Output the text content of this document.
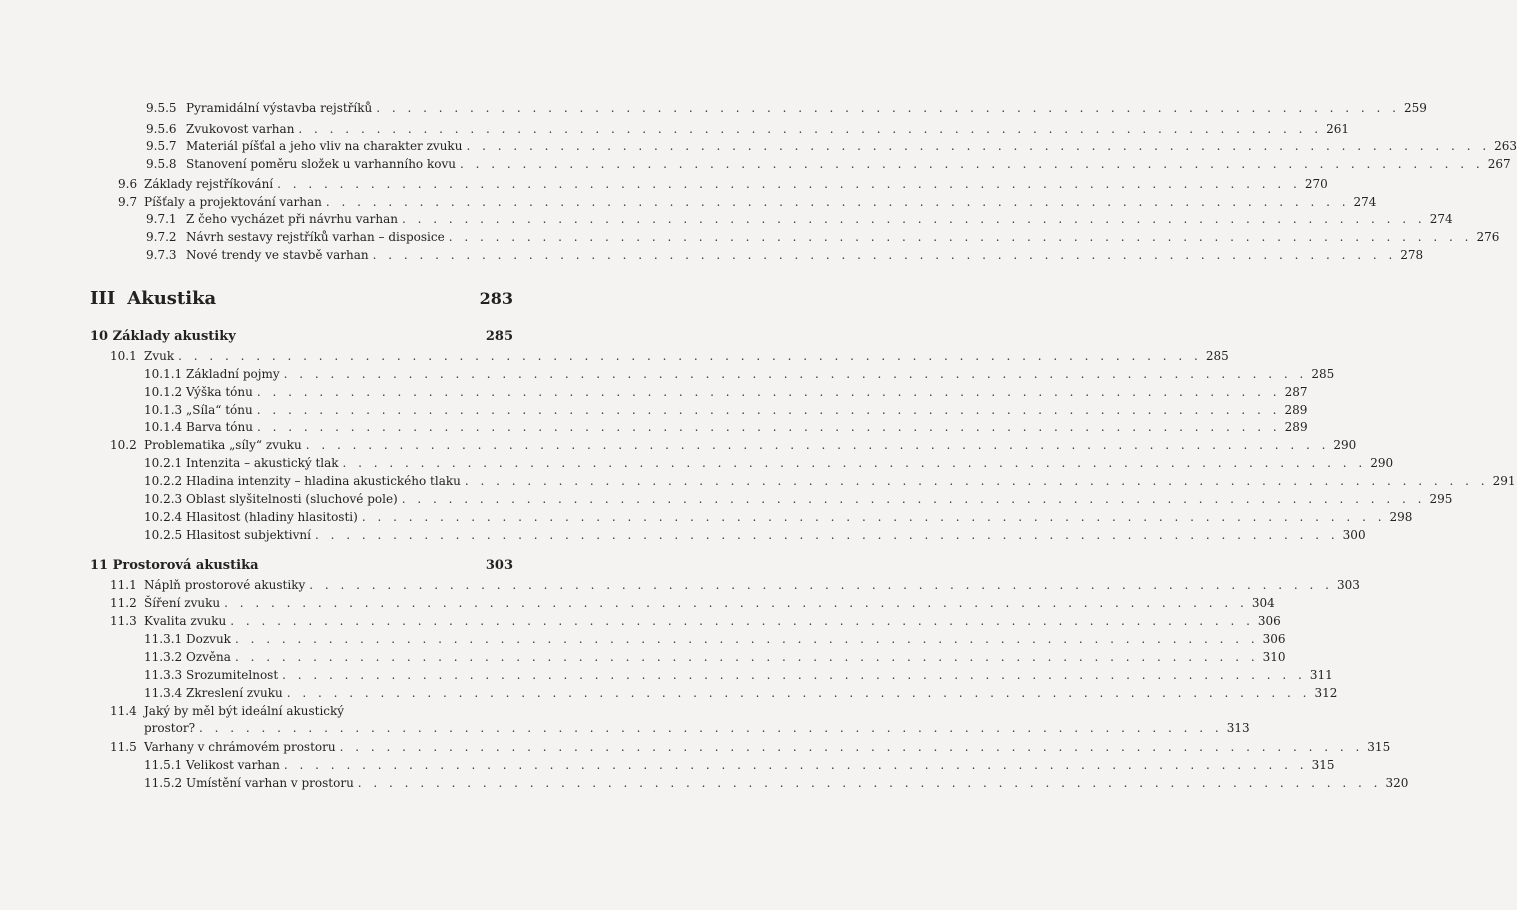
9.5.5 Pyramidální výstavba rejstříků . . .	259
9.5.6 Zvukovost varhan . . .	261
9.5.7 Materiál píšťal a jeho vliv na charakter zvuku . . .	263
9.5.8 Stanovení poměru složek u varhanního kovu . . .	267
9.6 Základy rejstříkování . . .	270
9.7 Píšťaly a projektování varhan . . .	274
9.7.1 Z čeho vycházet při návrhu varhan . . .	274
9.7.2 Návrh sestavy rejstříků varhan – disposice . . .	276
9.7.3 Nové trendy ve stavbě varhan . . .	278
III Akustika	283
10 Základy akustiky	285
10.1 Zvuk . . .	285
10.1.1 Základní pojmy . . .	285
10.1.2 Výška tónu . . .	287
10.1.3 „Síla“ tónu . . .	289
10.1.4 Barva tónu . . .	289
10.2 Problematika „síly“ zvuku . . .	290
10.2.1 Intenzita – akustický tlak . . .	290
10.2.2 Hladina intenzity – hladina akustického tlaku . . .	291
10.2.3 Oblast slyšitelnosti (sluchové pole) . . .	295
10.2.4 Hlasitost (hladiny hlasitosti) . . .	298
10.2.5 Hlasitost subjektivní . . .	300
11 Prostorová akustika	303
11.1 Náplň prostorové akustiky . . .	303
11.2 Šíření zvuku . . .	304
11.3 Kvalita zvuku . . .	306
11.3.1 Dozvuk . . .	306
11.3.2 Ozvěna . . .	310
11.3.3 Srozumitelnost . . .	311
11.3.4 Zkreslení zvuku . . .	312
11.4 Jaký by měl být ideální akustický
prostor? . . .	313
11.5 Varhany v chrámovém prostoru . . .	315
11.5.1 Velikost varhan . . .	315
11.5.2 Umístění varhan v prostoru . . .	320
